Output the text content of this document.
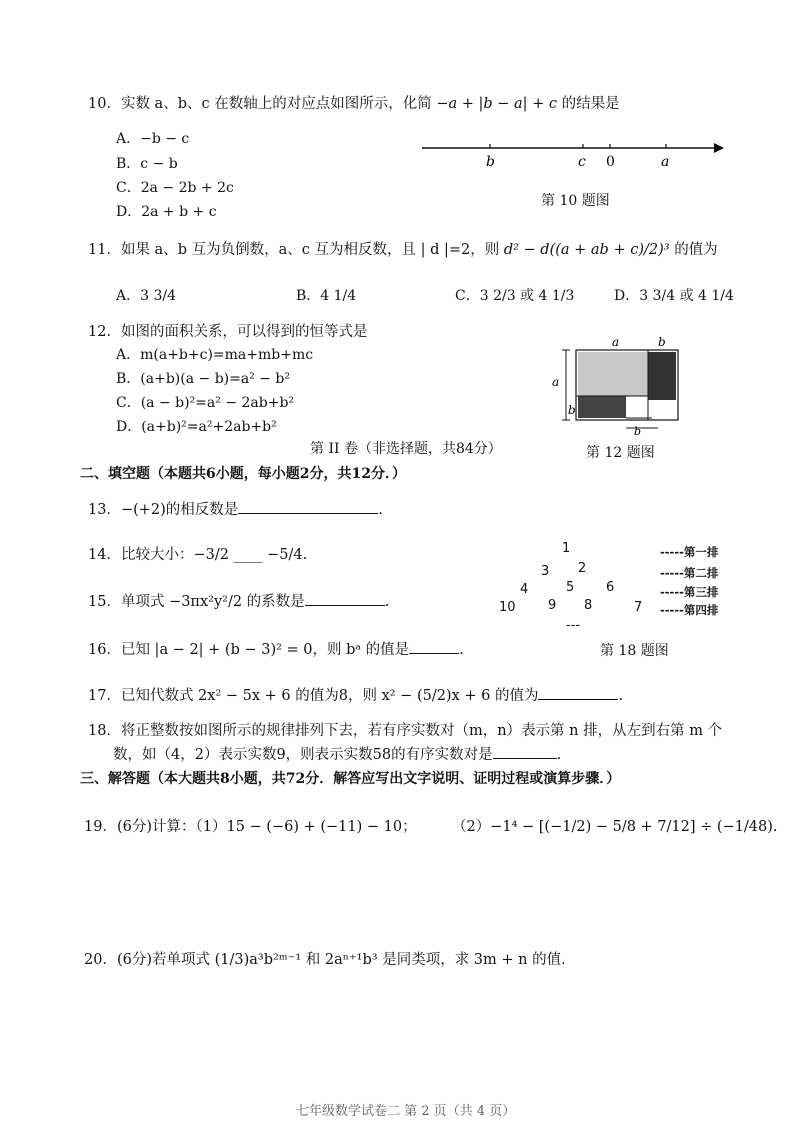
10．实数 a、b、c 在数轴上的对应点如图所示，化简 −a + |b − a| + c 的结果是
A．−b − c
B．c − b
C．2a − 2b + 2c
D．2a + b + c
b	c 0	a
第 10 题图
11．如果 a、b 互为负倒数，a、c 互为相反数，且 | d |=2，则 d² − d((a + ab + c)/2)³ 的值为
A．3 3/4	B．4 1/4	C．3 2/3 或 4 1/3	D．3 3/4 或 4 1/4
12．如图的面积关系，可以得到的恒等式是
A．m(a+b+c)=ma+mb+mc
B．(a+b)(a − b)=a² − b²
C．(a − b)²=a² − 2ab+b²
D．(a+b)²=a²+2ab+b²
a	b
a
b
b
第 12 题图
第 II 卷（非选择题，共84分）
二、填空题（本题共6小题，每小题2分，共12分．）
13．−(+2)的相反数是	.
14．比较大小：−3/2 ____ −5/4.
15．单项式 −3πx²y²/2 的系数是	.
16．已知 |a − 2| + (b − 3)² = 0，则 bᵃ 的值是	.
17．已知代数式 2x² − 5x + 6 的值为8，则 x² − (5/2)x + 6 的值为	.
18．将正整数按如图所示的规律排列下去，若有序实数对（m，n）表示第 n 排，从左到右第 m 个
数，如（4，2）表示实数9，则表示实数58的有序实数对是	.
1
3 2
4	5 6
10 9 8	7
---
-----第一排
-----第二排
-----第三排
-----第四排
第 18 题图
三、解答题（本大题共8小题，共72分．解答应写出文字说明、证明过程或演算步骤．）
19．(6分)计算：（1）15 − (−6) + (−11) − 10； （2）−1⁴ − [(−1/2) − 5/8 + 7/12] ÷ (−1/48).
20．(6分)若单项式 (1/3)a³b²ᵐ⁻¹ 和 2aⁿ⁺¹b³ 是同类项，求 3m + n 的值．
七年级数学试卷二 第 2 页（共 4 页）
